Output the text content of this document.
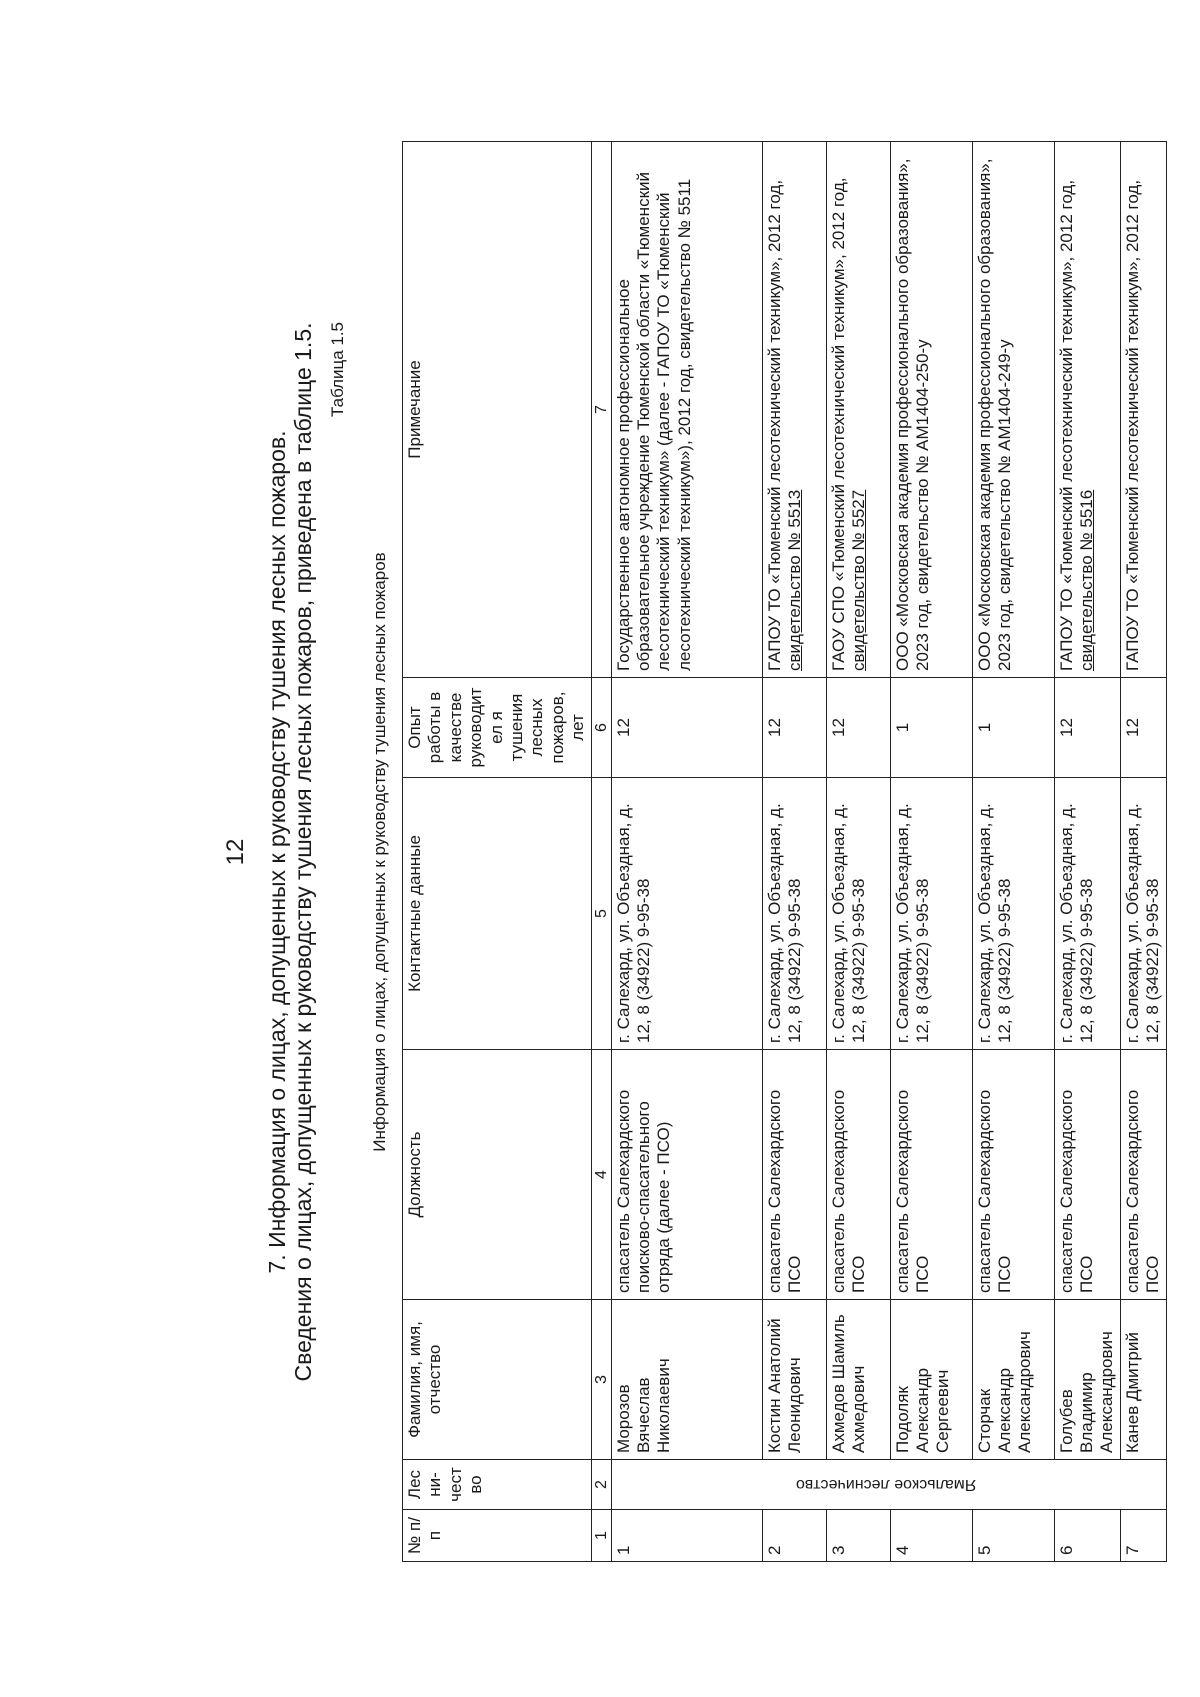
12 7. Информация о лицах, допущенных к руководству тушения лесных пожаров. Сведения о лицах, допущенных к руководству тушения лесных пожаров, приведена в таблице 1.5. Таблица 1.5
Информация о лицах, допущенных к руководству тушения лесных пожаров
№ п/п	Лесни-чество	Фамилия, имя, отчество	Должность	Контактные данные	Опыт работы в качестве руководител я тушения лесных пожаров, лет	Примечание
1	2	3	4	5	6	7
1	Ямальское лесничество	Морозов Вячеслав Николаевич	спасатель Салехардского поисково-спасательного отряда (далее - ПСО)	г. Салехард, ул. Объездная, д. 12, 8 (34922) 9-95-38	12	Государственное автономное профессиональное образовательное учреждение Тюменской области «Тюменский лесотехнический техникум» (далее - ГАПОУ ТО «Тюменский лесотехнический техникум»), 2012 год, свидетельство № 5511
2		Костин Анатолий Леонидович	спасатель Салехардского ПСО	г. Салехард, ул. Объездная, д. 12, 8 (34922) 9-95-38	12	ГАПОУ ТО «Тюменский лесотехнический техникум», 2012 год, свидетельство № 5513
3		Ахмедов Шамиль Ахмедович	спасатель Салехардского ПСО	г. Салехард, ул. Объездная, д. 12, 8 (34922) 9-95-38	12	ГАОУ СПО «Тюменский лесотехнический техникум», 2012 год, свидетельство № 5527
4		Подоляк Александр Сергеевич	спасатель Салехардского ПСО	г. Салехард, ул. Объездная, д. 12, 8 (34922) 9-95-38	1	ООО «Московская академия профессионального образования», 2023 год, свидетельство № АМ1404-250-у
5		Сторчак Александр Александрович	спасатель Салехардского ПСО	г. Салехард, ул. Объездная, д. 12, 8 (34922) 9-95-38	1	ООО «Московская академия профессионального образования», 2023 год, свидетельство № АМ1404-249-у
6		Голубев Владимир Александрович	спасатель Салехардского ПСО	г. Салехард, ул. Объездная, д. 12, 8 (34922) 9-95-38	12	ГАПОУ ТО «Тюменский лесотехнический техникум», 2012 год, свидетельство № 5516
7		Канев Дмитрий	спасатель Салехардского ПСО	г. Салехард, ул. Объездная, д. 12, 8 (34922) 9-95-38	12	ГАПОУ ТО «Тюменский лесотехнический техникум», 2012 год,
